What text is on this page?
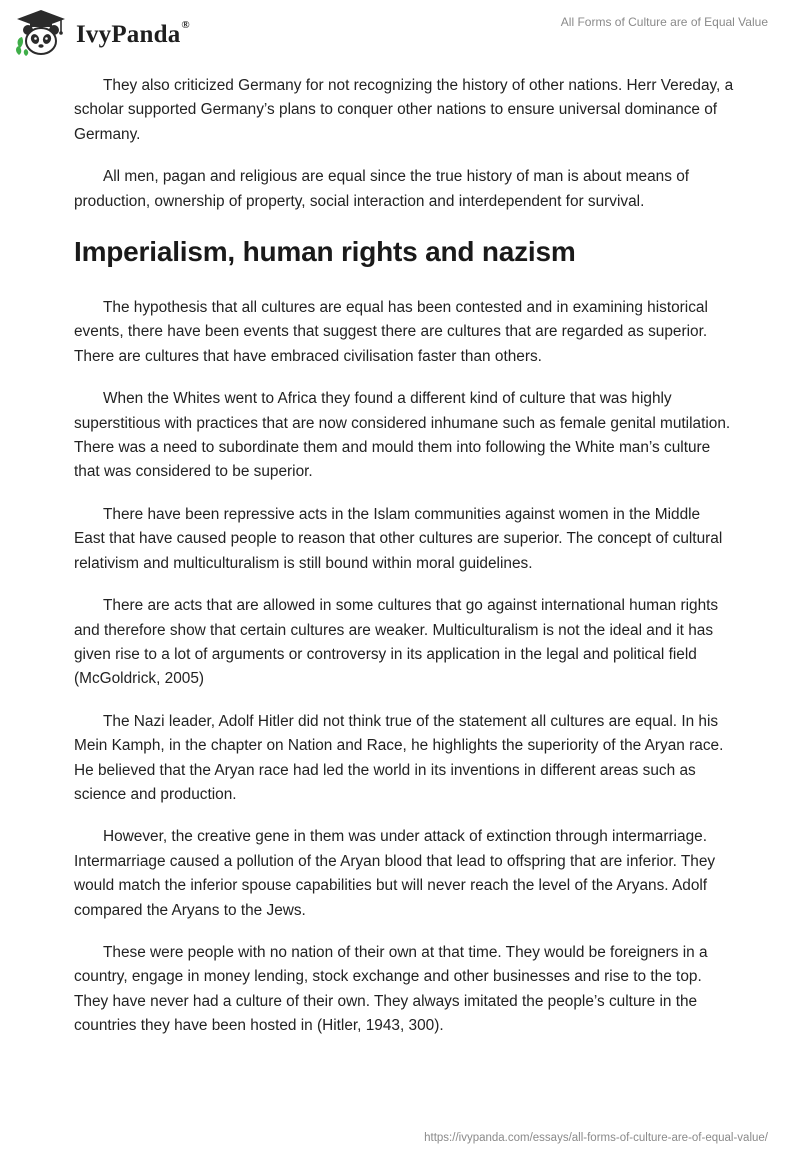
IvyPanda®	All Forms of Culture are of Equal Value

They also criticized Germany for not recognizing the history of other nations. Herr Vereday, a scholar supported Germany’s plans to conquer other nations to ensure universal dominance of Germany.

All men, pagan and religious are equal since the true history of man is about means of production, ownership of property, social interaction and interdependent for survival.

Imperialism, human rights and nazism

The hypothesis that all cultures are equal has been contested and in examining historical events, there have been events that suggest there are cultures that are regarded as superior. There are cultures that have embraced civilisation faster than others.

When the Whites went to Africa they found a different kind of culture that was highly superstitious with practices that are now considered inhumane such as female genital mutilation. There was a need to subordinate them and mould them into following the White man’s culture that was considered to be superior.

There have been repressive acts in the Islam communities against women in the Middle East that have caused people to reason that other cultures are superior. The concept of cultural relativism and multiculturalism is still bound within moral guidelines.

There are acts that are allowed in some cultures that go against international human rights and therefore show that certain cultures are weaker. Multiculturalism is not the ideal and it has given rise to a lot of arguments or controversy in its application in the legal and political field (McGoldrick, 2005)

The Nazi leader, Adolf Hitler did not think true of the statement all cultures are equal. In his Mein Kamph, in the chapter on Nation and Race, he highlights the superiority of the Aryan race. He believed that the Aryan race had led the world in its inventions in different areas such as science and production.

However, the creative gene in them was under attack of extinction through intermarriage. Intermarriage caused a pollution of the Aryan blood that lead to offspring that are inferior. They would match the inferior spouse capabilities but will never reach the level of the Aryans. Adolf compared the Aryans to the Jews.

These were people with no nation of their own at that time. They would be foreigners in a country, engage in money lending, stock exchange and other businesses and rise to the top. They have never had a culture of their own. They always imitated the people’s culture in the countries they have been hosted in (Hitler, 1943, 300).

https://ivypanda.com/essays/all-forms-of-culture-are-of-equal-value/
